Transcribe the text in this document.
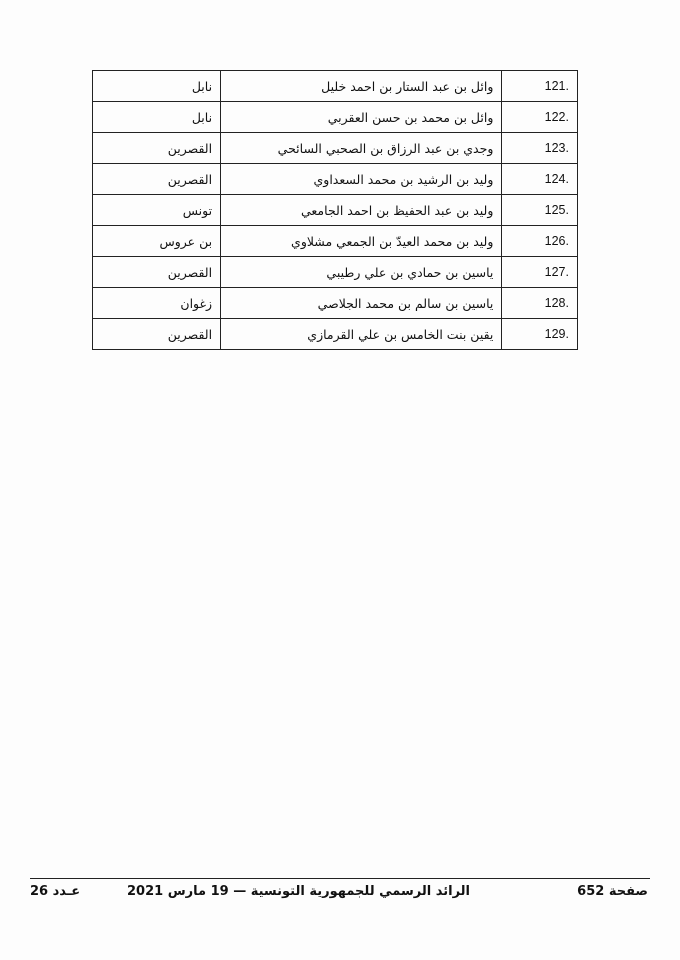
121.	وائل بن عبد الستار بن احمد خليل	نابل
122.	وائل بن محمد بن حسن العقربي	نابل
123.	وجدي بن عبد الرزاق بن الصحبي السائحي	القصرين
124.	وليد بن الرشيد بن محمد السعداوي	القصرين
125.	وليد بن عبد الحفيظ بن احمد الجامعي	تونس
126.	وليد بن محمد العيدّ بن الجمعي مشلاوي	بن عروس
127.	ياسين بن حمادي بن علي رطيبي	القصرين
128.	ياسين بن سالم بن محمد الجلاصي	زغوان
129.	يقين بنت الخامس بن علي القرمازي	القصرين
صفحة 652
الرائد الرسمي للجمهورية التونسية — 19 مارس 2021
عـدد 26
